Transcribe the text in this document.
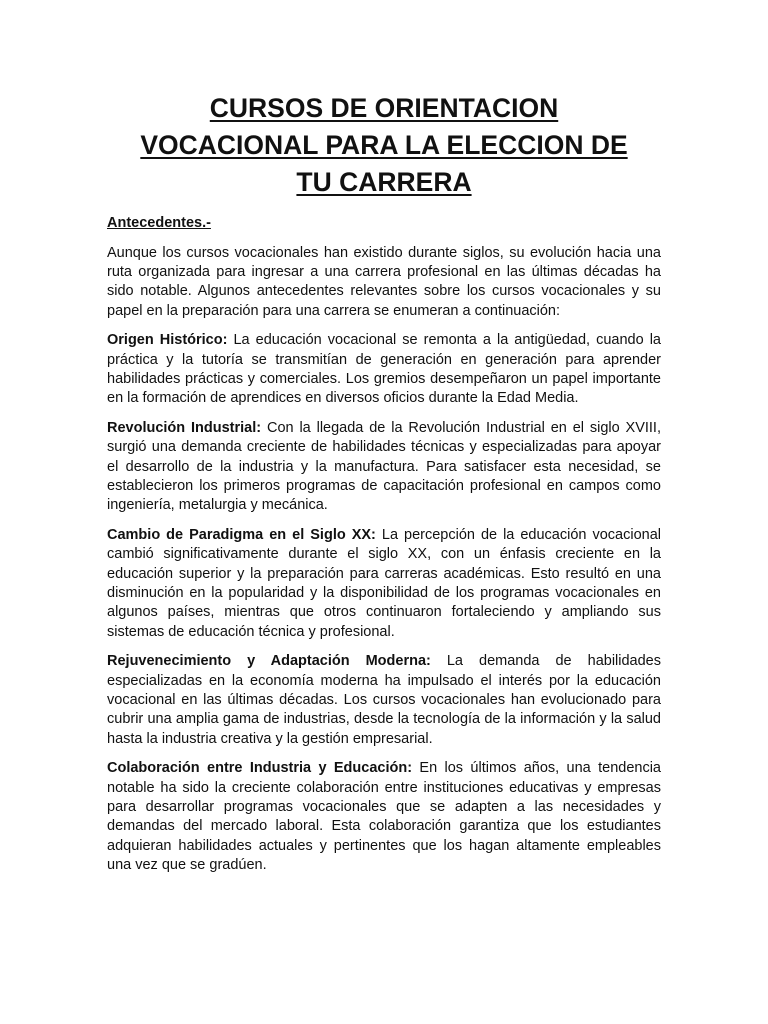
CURSOS DE ORIENTACION
VOCACIONAL PARA LA ELECCION DE
TU CARRERA
Antecedentes.-

Aunque los cursos vocacionales han existido durante siglos, su evolución hacia una ruta organizada para ingresar a una carrera profesional en las últimas décadas ha sido notable. Algunos antecedentes relevantes sobre los cursos vocacionales y su papel en la preparación para una carrera se enumeran a continuación:

Origen Histórico: La educación vocacional se remonta a la antigüedad, cuando la práctica y la tutoría se transmitían de generación en generación para aprender habilidades prácticas y comerciales. Los gremios desempeñaron un papel importante en la formación de aprendices en diversos oficios durante la Edad Media.

Revolución Industrial: Con la llegada de la Revolución Industrial en el siglo XVIII, surgió una demanda creciente de habilidades técnicas y especializadas para apoyar el desarrollo de la industria y la manufactura. Para satisfacer esta necesidad, se establecieron los primeros programas de capacitación profesional en campos como ingeniería, metalurgia y mecánica.

Cambio de Paradigma en el Siglo XX: La percepción de la educación vocacional cambió significativamente durante el siglo XX, con un énfasis creciente en la educación superior y la preparación para carreras académicas. Esto resultó en una disminución en la popularidad y la disponibilidad de los programas vocacionales en algunos países, mientras que otros continuaron fortaleciendo y ampliando sus sistemas de educación técnica y profesional.

Rejuvenecimiento y Adaptación Moderna: La demanda de habilidades especializadas en la economía moderna ha impulsado el interés por la educación vocacional en las últimas décadas. Los cursos vocacionales han evolucionado para cubrir una amplia gama de industrias, desde la tecnología de la información y la salud hasta la industria creativa y la gestión empresarial.

Colaboración entre Industria y Educación: En los últimos años, una tendencia notable ha sido la creciente colaboración entre instituciones educativas y empresas para desarrollar programas vocacionales que se adapten a las necesidades y demandas del mercado laboral. Esta colaboración garantiza que los estudiantes adquieran habilidades actuales y pertinentes que los hagan altamente empleables una vez que se gradúen.
